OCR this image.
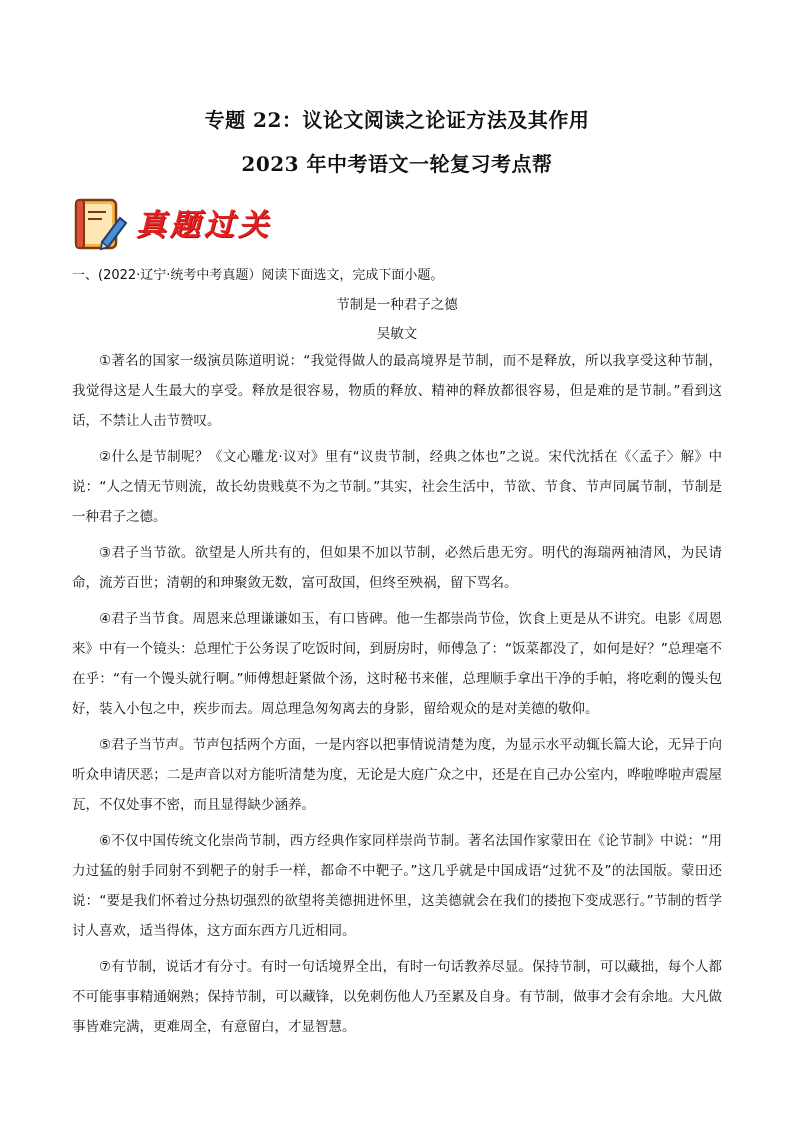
专题 22：议论文阅读之论证方法及其作用
2023 年中考语文一轮复习考点帮
真题过关
一、(2022·辽宁·统考中考真题）阅读下面选文，完成下面小题。
节制是一种君子之德
吴敏文

①著名的国家一级演员陈道明说：“我觉得做人的最高境界是节制，而不是释放，所以我享受这种节制，我觉得这是人生最大的享受。释放是很容易，物质的释放、精神的释放都很容易，但是难的是节制。”看到这话，不禁让人击节赞叹。

②什么是节制呢？《文心雕龙·议对》里有“议贵节制，经典之体也”之说。宋代沈括在《〈孟子〉解》中说：“人之情无节则流，故长幼贵贱莫不为之节制。”其实，社会生活中，节欲、节食、节声同属节制，节制是一种君子之德。

③君子当节欲。欲望是人所共有的，但如果不加以节制，必然后患无穷。明代的海瑞两袖清风，为民请命，流芳百世；清朝的和珅聚敛无数，富可敌国，但终至殃祸，留下骂名。

④君子当节食。周恩来总理谦谦如玉，有口皆碑。他一生都崇尚节俭，饮食上更是从不讲究。电影《周恩来》中有一个镜头：总理忙于公务误了吃饭时间，到厨房时，师傅急了：“饭菜都没了，如何是好？”总理毫不在乎：“有一个馒头就行啊。”师傅想赶紧做个汤，这时秘书来催，总理顺手拿出干净的手帕，将吃剩的馒头包好，装入小包之中，疾步而去。周总理急匆匆离去的身影，留给观众的是对美德的敬仰。

⑤君子当节声。节声包括两个方面，一是内容以把事情说清楚为度，为显示水平动辄长篇大论，无异于向听众申请厌恶；二是声音以对方能听清楚为度，无论是大庭广众之中，还是在自己办公室内，哗啦哗啦声震屋瓦，不仅处事不密，而且显得缺少涵养。

⑥不仅中国传统文化崇尚节制，西方经典作家同样崇尚节制。著名法国作家蒙田在《论节制》中说：“用力过猛的射手同射不到靶子的射手一样，都命不中靶子。”这几乎就是中国成语“过犹不及”的法国版。蒙田还说：“要是我们怀着过分热切强烈的欲望将美德拥进怀里，这美德就会在我们的搂抱下变成恶行。”节制的哲学讨人喜欢，适当得体，这方面东西方几近相同。

⑦有节制，说话才有分寸。有时一句话境界全出，有时一句话教养尽显。保持节制，可以藏拙，每个人都不可能事事精通娴熟；保持节制，可以藏锋，以免刺伤他人乃至累及自身。有节制，做事才会有余地。大凡做事皆难完满，更难周全，有意留白，才显智慧。
